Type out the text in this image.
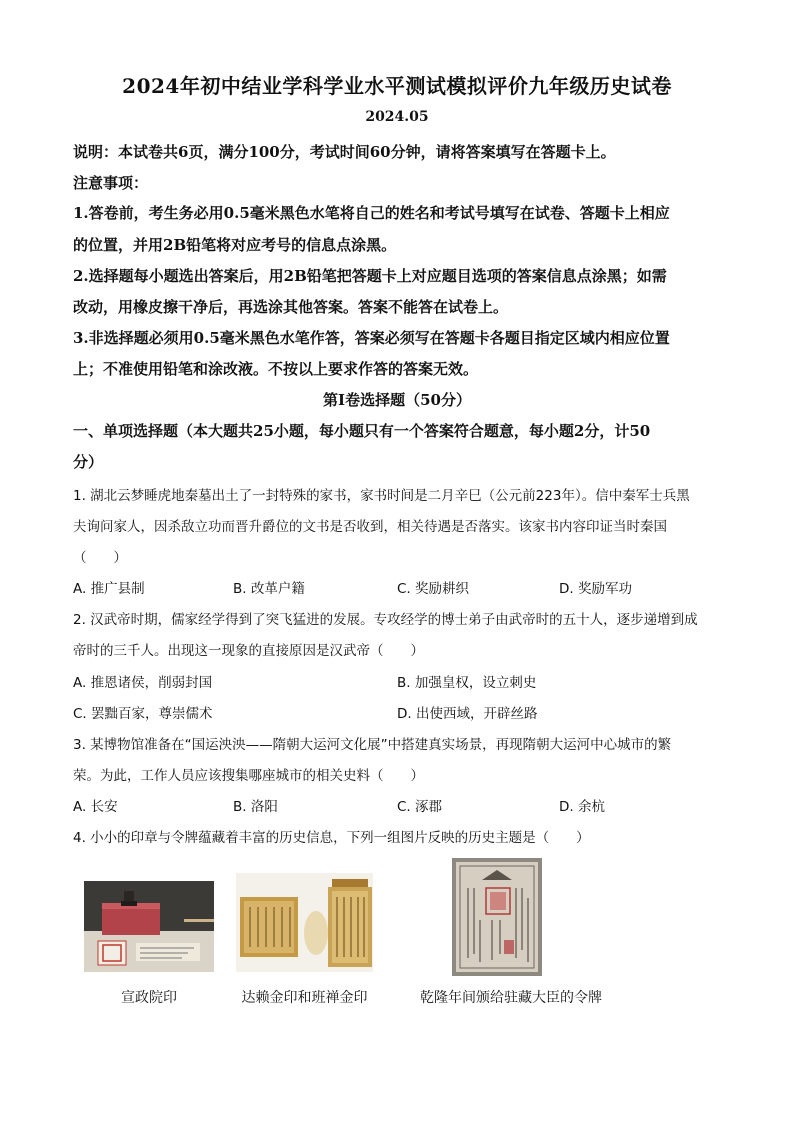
2024年初中结业学科学业水平测试模拟评价九年级历史试卷
2024.05
说明：本试卷共6页，满分100分，考试时间60分钟，请将答案填写在答题卡上。
注意事项：
1.答卷前，考生务必用0.5毫米黑色水笔将自己的姓名和考试号填写在试卷、答题卡上相应
的位置，并用2B铅笔将对应考号的信息点涂黑。
2.选择题每小题选出答案后，用2B铅笔把答题卡上对应题目选项的答案信息点涂黑；如需
改动，用橡皮擦干净后，再选涂其他答案。答案不能答在试卷上。
3.非选择题必须用0.5毫米黑色水笔作答，答案必须写在答题卡各题目指定区域内相应位置
上；不准使用铅笔和涂改液。不按以上要求作答的答案无效。
第Ⅰ卷选择题（50分）
一、单项选择题（本大题共25小题，每小题只有一个答案符合题意，每小题2分，计50
分）
1. 湖北云梦睡虎地秦墓出土了一封特殊的家书，家书时间是二月辛巳（公元前223年）。信中秦军士兵黑
夫询问家人，因杀敌立功而晋升爵位的文书是否收到，相关待遇是否落实。该家书内容印证当时秦国
（　　）
A. 推广县制	B. 改革户籍	C. 奖励耕织	D. 奖励军功
2. 汉武帝时期，儒家经学得到了突飞猛进的发展。专攻经学的博士弟子由武帝时的五十人，逐步递增到成
帝时的三千人。出现这一现象的直接原因是汉武帝（　　）
A. 推恩诸侯，削弱封国	B. 加强皇权，设立刺史
C. 罢黜百家，尊崇儒术	D. 出使西域，开辟丝路
3. 某博物馆准备在“国运泱泱——隋朝大运河文化展”中搭建真实场景，再现隋朝大运河中心城市的繁
荣。为此，工作人员应该搜集哪座城市的相关史料（　　）
A. 长安	B. 洛阳	C. 涿郡	D. 余杭
4. 小小的印章与令牌蕴藏着丰富的历史信息，下列一组图片反映的历史主题是（　　）
宣政院印	达赖金印和班禅金印	乾隆年间颁给驻藏大臣的令牌
